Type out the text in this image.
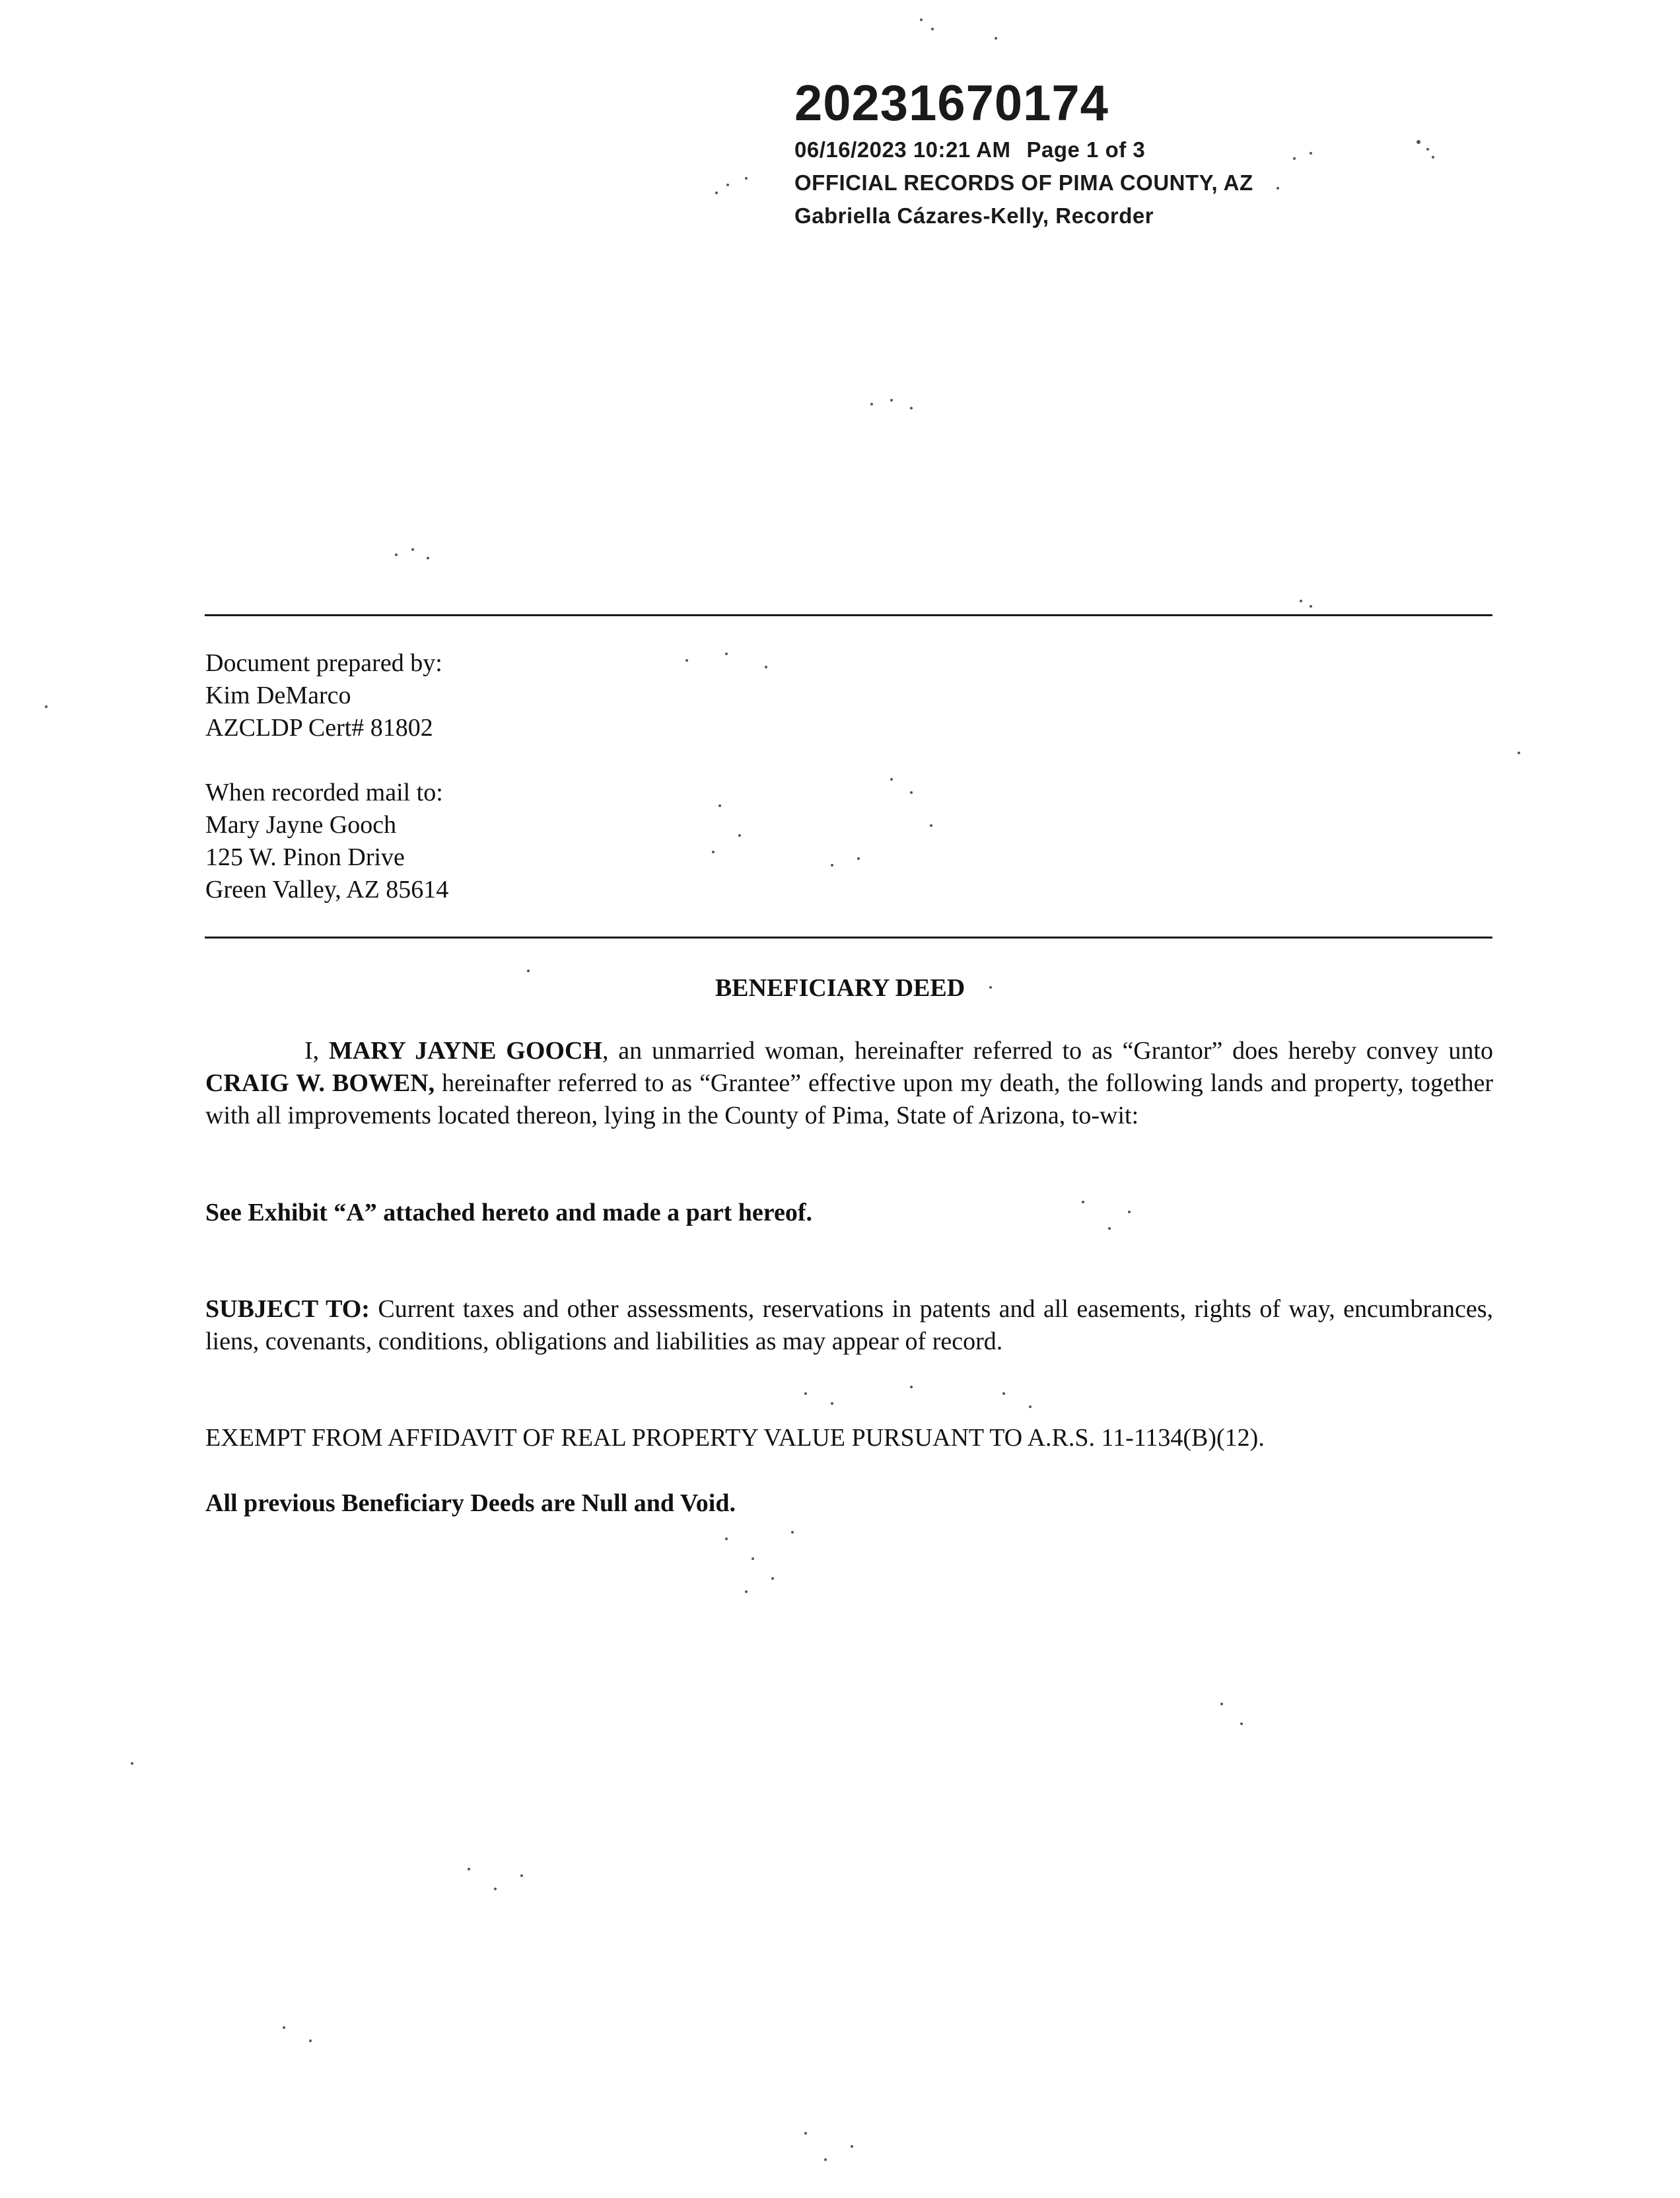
20231670174
06/16/2023 10:21 AM Page 1 of 3
OFFICIAL RECORDS OF PIMA COUNTY, AZ
Gabriella Cázares-Kelly, Recorder
Document prepared by:
Kim DeMarco
AZCLDP Cert# 81802
When recorded mail to:
Mary Jayne Gooch
125 W. Pinon Drive
Green Valley, AZ 85614
BENEFICIARY DEED
I, MARY JAYNE GOOCH, an unmarried woman, hereinafter referred to as “Grantor” does hereby convey unto CRAIG W. BOWEN, hereinafter referred to as “Grantee” effective upon my death, the following lands and property, together with all improvements located thereon, lying in the County of Pima, State of Arizona, to-wit:
See Exhibit “A” attached hereto and made a part hereof.
SUBJECT TO: Current taxes and other assessments, reservations in patents and all easements, rights of way, encumbrances, liens, covenants, conditions, obligations and liabilities as may appear of record.
EXEMPT FROM AFFIDAVIT OF REAL PROPERTY VALUE PURSUANT TO A.R.S. 11-1134(B)(12).
All previous Beneficiary Deeds are Null and Void.
